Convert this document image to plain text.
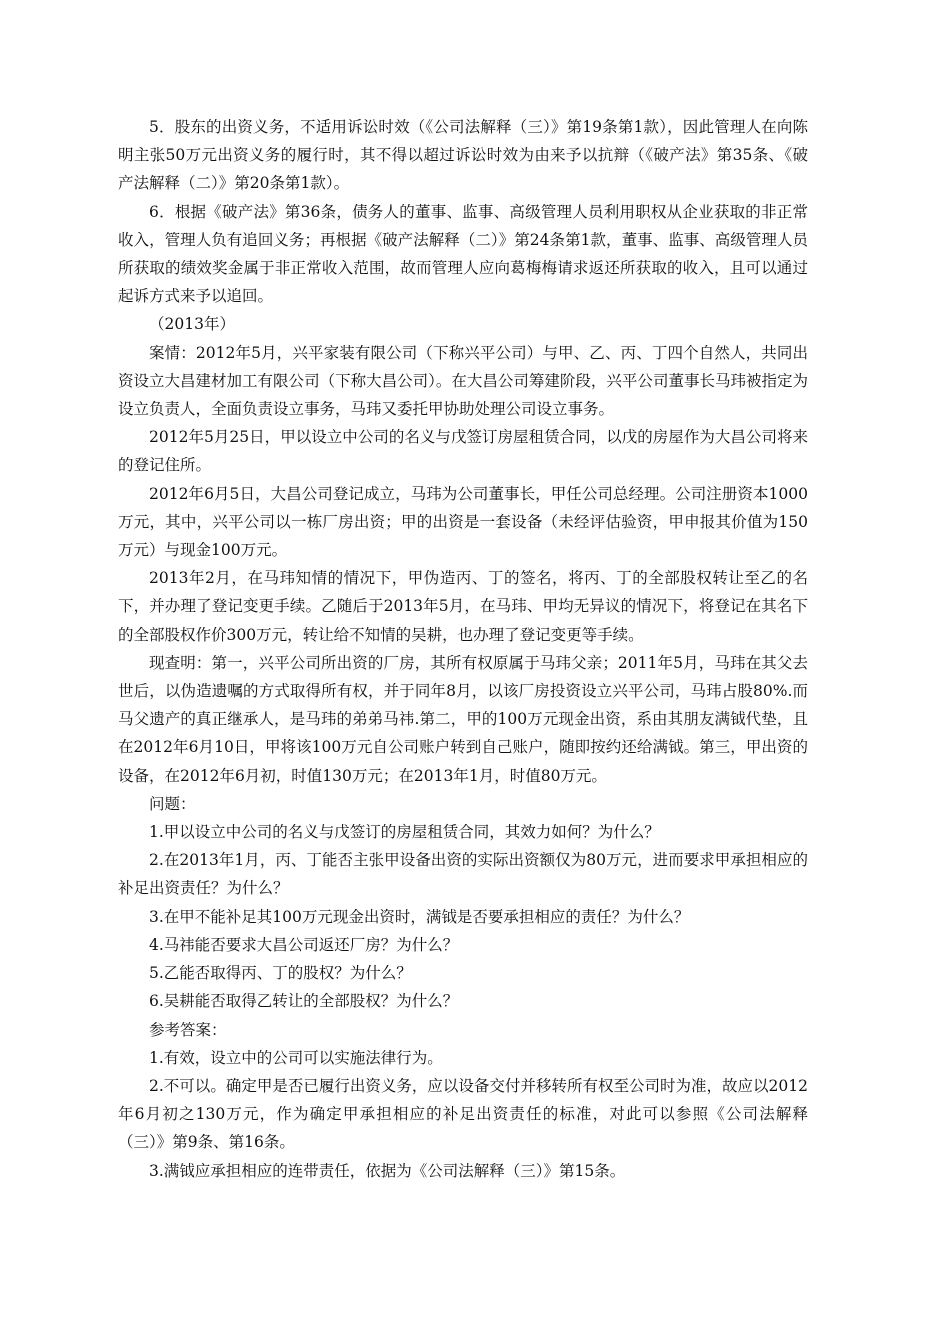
5．股东的出资义务，不适用诉讼时效（《公司法解释（三）》第19条第1款），因此管理人在向陈明主张50万元出资义务的履行时，其不得以超过诉讼时效为由来予以抗辩（《破产法》第35条、《破产法解释（二）》第20条第1款）。

6．根据《破产法》第36条，债务人的董事、监事、高级管理人员利用职权从企业获取的非正常收入，管理人负有追回义务；再根据《破产法解释（二）》第24条第1款，董事、监事、高级管理人员所获取的绩效奖金属于非正常收入范围，故而管理人应向葛梅梅请求返还所获取的收入，且可以通过起诉方式来予以追回。

（2013年）

案情：2012年5月，兴平家装有限公司（下称兴平公司）与甲、乙、丙、丁四个自然人，共同出资设立大昌建材加工有限公司（下称大昌公司）。在大昌公司筹建阶段，兴平公司董事长马玮被指定为设立负责人，全面负责设立事务，马玮又委托甲协助处理公司设立事务。

2012年5月25日，甲以设立中公司的名义与戊签订房屋租赁合同，以戊的房屋作为大昌公司将来的登记住所。

2012年6月5日，大昌公司登记成立，马玮为公司董事长，甲任公司总经理。公司注册资本1000万元，其中，兴平公司以一栋厂房出资；甲的出资是一套设备（未经评估验资，甲申报其价值为150万元）与现金100万元。

2013年2月，在马玮知情的情况下，甲伪造丙、丁的签名，将丙、丁的全部股权转让至乙的名下，并办理了登记变更手续。乙随后于2013年5月，在马玮、甲均无异议的情况下，将登记在其名下的全部股权作价300万元，转让给不知情的吴耕，也办理了登记变更等手续。

现查明：第一，兴平公司所出资的厂房，其所有权原属于马玮父亲；2011年5月，马玮在其父去世后，以伪造遗嘱的方式取得所有权，并于同年8月，以该厂房投资设立兴平公司，马玮占股80%.而马父遗产的真正继承人，是马玮的弟弟马祎.第二，甲的100万元现金出资，系由其朋友满钺代垫，且在2012年6月10日，甲将该100万元自公司账户转到自己账户，随即按约还给满钺。第三，甲出资的设备，在2012年6月初，时值130万元；在2013年1月，时值80万元。

问题：

1.甲以设立中公司的名义与戊签订的房屋租赁合同，其效力如何？为什么？

2.在2013年1月，丙、丁能否主张甲设备出资的实际出资额仅为80万元，进而要求甲承担相应的补足出资责任？为什么？

3.在甲不能补足其100万元现金出资时，满钺是否要承担相应的责任？为什么？

4.马祎能否要求大昌公司返还厂房？为什么？

5.乙能否取得丙、丁的股权？为什么？

6.吴耕能否取得乙转让的全部股权？为什么？

参考答案：

1.有效，设立中的公司可以实施法律行为。

2.不可以。确定甲是否已履行出资义务，应以设备交付并移转所有权至公司时为准，故应以2012年6月初之130万元，作为确定甲承担相应的补足出资责任的标准，对此可以参照《公司法解释（三）》第9条、第16条。

3.满钺应承担相应的连带责任，依据为《公司法解释（三）》第15条。
